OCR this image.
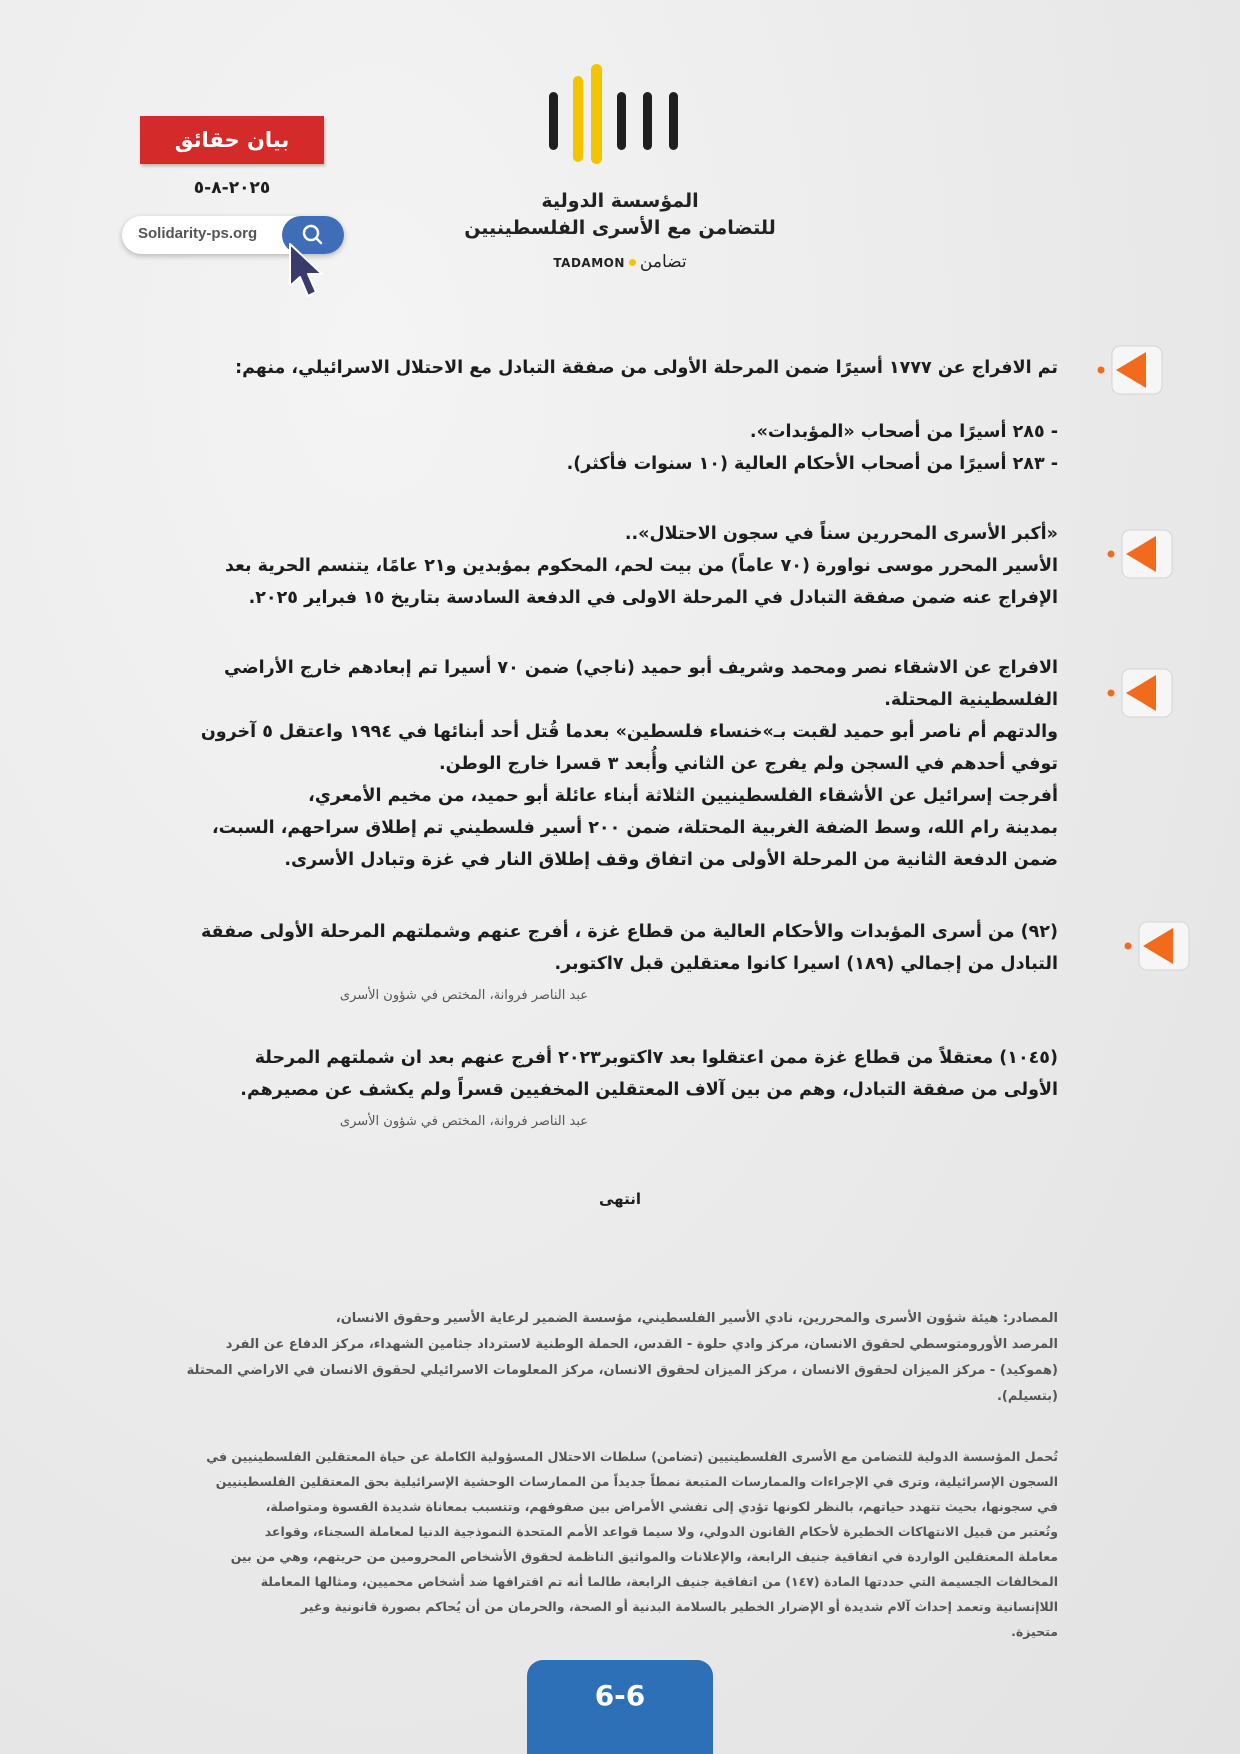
المؤسسة الدولية
للتضامن مع الأسرى الفلسطينيين
TADAMON تضامن
بيان حقائق
٢٠٢٥-٨-٥
Solidarity-ps.org

تم الافراج عن ١٧٧٧ أسيرًا ضمن المرحلة الأولى من صفقة التبادل مع الاحتلال الاسرائيلي، منهم:

- ٢٨٥ أسيرًا من أصحاب «المؤبدات».

- ٢٨٣ أسيرًا من أصحاب الأحكام العالية (١٠ سنوات فأكثر).

«أكبر الأسرى المحررين سناً في سجون الاحتلال»..

الأسير المحرر موسى نواورة (٧٠ عاماً) من بيت لحم، المحكوم بمؤبدين و٢١ عامًا، يتنسم الحرية بعد

الإفراج عنه ضمن صفقة التبادل في المرحلة الاولى في الدفعة السادسة بتاريخ ١٥ فبراير ٢٠٢٥.

الافراج عن الاشقاء نصر ومحمد وشريف أبو حميد (ناجي) ضمن ٧٠ أسيرا تم إبعادهم خارج الأراضي

الفلسطينية المحتلة.

والدتهم أم ناصر أبو حميد لقبت بـ»خنساء فلسطين» بعدما قُتل أحد أبنائها في ١٩٩٤ واعتقل ٥ آخرون

توفي أحدهم في السجن ولم يفرج عن الثاني وأُبعد ٣ قسرا خارج الوطن.

أفرجت إسرائيل عن الأشقاء الفلسطينيين الثلاثة أبناء عائلة أبو حميد، من مخيم الأمعري،

بمدينة رام الله، وسط الضفة الغربية المحتلة، ضمن ٢٠٠ أسير فلسطيني تم إطلاق سراحهم، السبت،

ضمن الدفعة الثانية من المرحلة الأولى من اتفاق وقف إطلاق النار في غزة وتبادل الأسرى.

(٩٢) من أسرى المؤبدات والأحكام العالية من قطاع غزة ، أفرج عنهم وشملتهم المرحلة الأولى صفقة

التبادل من إجمالي (١٨٩) اسيرا كانوا معتقلين قبل ٧اكتوبر.

عبد الناصر فروانة، المختص في شؤون الأسرى

(١٠٤٥) معتقلاً من قطاع غزة ممن اعتقلوا بعد ٧اكتوبر٢٠٢٣ أفرج عنهم بعد ان شملتهم المرحلة

الأولى من صفقة التبادل، وهم من بين آلاف المعتقلين المخفيين قسراً ولم يكشف عن مصيرهم.

عبد الناصر فروانة، المختص في شؤون الأسرى

انتهى

المصادر: هيئة شؤون الأسرى والمحررين، نادي الأسير الفلسطيني، مؤسسة الضمير لرعاية الأسير وحقوق الانسان،

المرصد الأورومتوسطي لحقوق الانسان، مركز وادي حلوة - القدس، الحملة الوطنية لاسترداد جثامين الشهداء، مركز الدفاع عن الفرد

(هموكيد) - مركز الميزان لحقوق الانسان ، مركز الميزان لحقوق الانسان، مركز المعلومات الاسرائيلي لحقوق الانسان في الاراضي المحتلة

(بتسيلم).

تُحمل المؤسسة الدولية للتضامن مع الأسرى الفلسطينيين (تضامن) سلطات الاحتلال المسؤولية الكاملة عن حياة المعتقلين الفلسطينيين في

السجون الإسرائيلية، وترى في الإجراءات والممارسات المتبعة نمطاً جديداً من الممارسات الوحشية الإسرائيلية بحق المعتقلين الفلسطينيين

في سجونها، بحيث تتهدد حياتهم، بالنظر لكونها تؤدي إلى تفشي الأمراض بين صفوفهم، وتتسبب بمعاناة شديدة القسوة ومتواصلة،

وتُعتبر من قبيل الانتهاكات الخطيرة لأحكام القانون الدولي، ولا سيما قواعد الأمم المتحدة النموذجية الدنيا لمعاملة السجناء، وقواعد

معاملة المعتقلين الواردة في اتفاقية جنيف الرابعة، والإعلانات والمواثيق الناظمة لحقوق الأشخاص المحرومين من حريتهم، وهي من بين

المخالفات الجسيمة التي حددتها المادة (١٤٧) من اتفاقية جنيف الرابعة، طالما أنه تم اقترافها ضد أشخاص محميين، ومثالها المعاملة

اللاإنسانية وتعمد إحداث آلام شديدة أو الإضرار الخطير بالسلامة البدنية أو الصحة، والحرمان من أن يُحاكم بصورة قانونية وغير

متحيزة.

6-6
